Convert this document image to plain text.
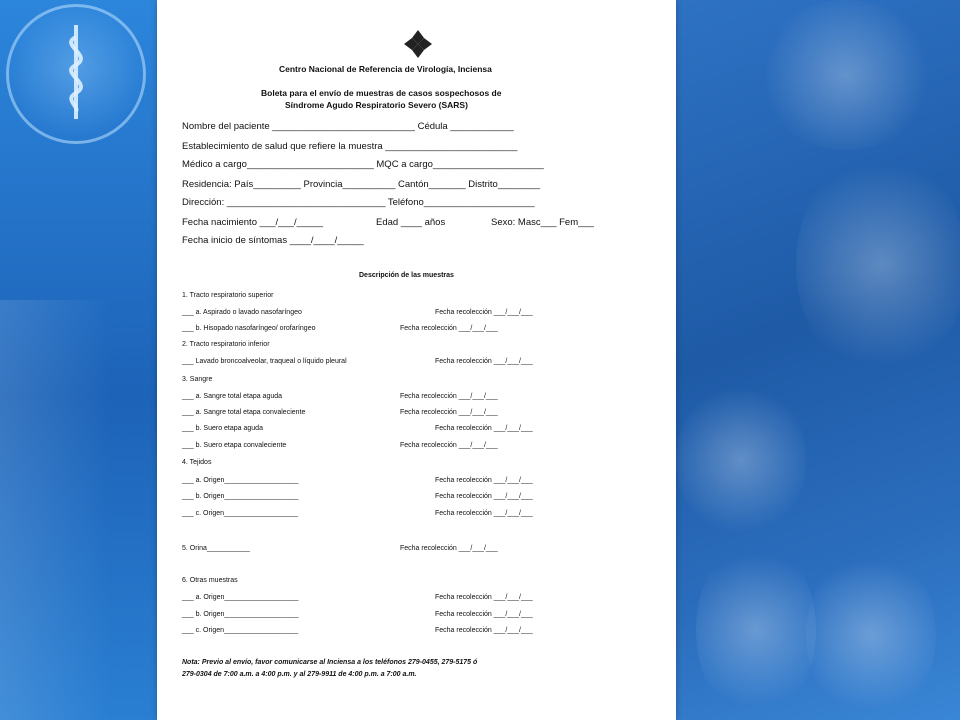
Centro Nacional de Referencia de Virología, Inciensa
Boleta para el envío de muestras de casos sospechosos de
Síndrome Agudo Respiratorio Severo (SARS)
Nombre del paciente ___________________________ Cédula ____________
Establecimiento de salud que refiere la muestra _________________________
Médico a cargo________________________ MQC a cargo_____________________
Residencia: País_________ Provincia__________ Cantón_______ Distrito________
Dirección: ______________________________ Teléfono_____________________
Fecha nacimiento ___/___/_____	Edad ____ años	Sexo: Masc___ Fem___
Fecha inicio de síntomas ____/____/_____
Descripción de las muestras
1. Tracto respiratorio superior
___ a. Aspirado o lavado nasofaríngeo	Fecha recolección ___/___/___
___ b. Hisopado nasofaríngeo/ orofaríngeo	Fecha recolección ___/___/___
2. Tracto respiratorio inferior
___ Lavado broncoalveolar, traqueal o líquido pleural	Fecha recolección ___/___/___
3. Sangre
___ a. Sangre total etapa aguda	Fecha recolección ___/___/___
___ a. Sangre total etapa convaleciente	Fecha recolección ___/___/___
___ b. Suero etapa aguda	Fecha recolección ___/___/___
___ b. Suero etapa convaleciente	Fecha recolección ___/___/___
4. Tejidos
___ a. Origen___________________	Fecha recolección ___/___/___
___ b. Origen___________________	Fecha recolección ___/___/___
___ c. Origen___________________	Fecha recolección ___/___/___
5. Orina___________	Fecha recolección ___/___/___
6. Otras muestras
___ a. Origen___________________	Fecha recolección ___/___/___
___ b. Origen___________________	Fecha recolección ___/___/___
___ c. Origen___________________	Fecha recolección ___/___/___
Nota: Previo al envío, favor comunicarse al Inciensa a los teléfonos 279-0455, 279-5175 ó
279-0304 de 7:00 a.m. a 4:00 p.m. y al 279-9911 de 4:00 p.m. a 7:00 a.m.
